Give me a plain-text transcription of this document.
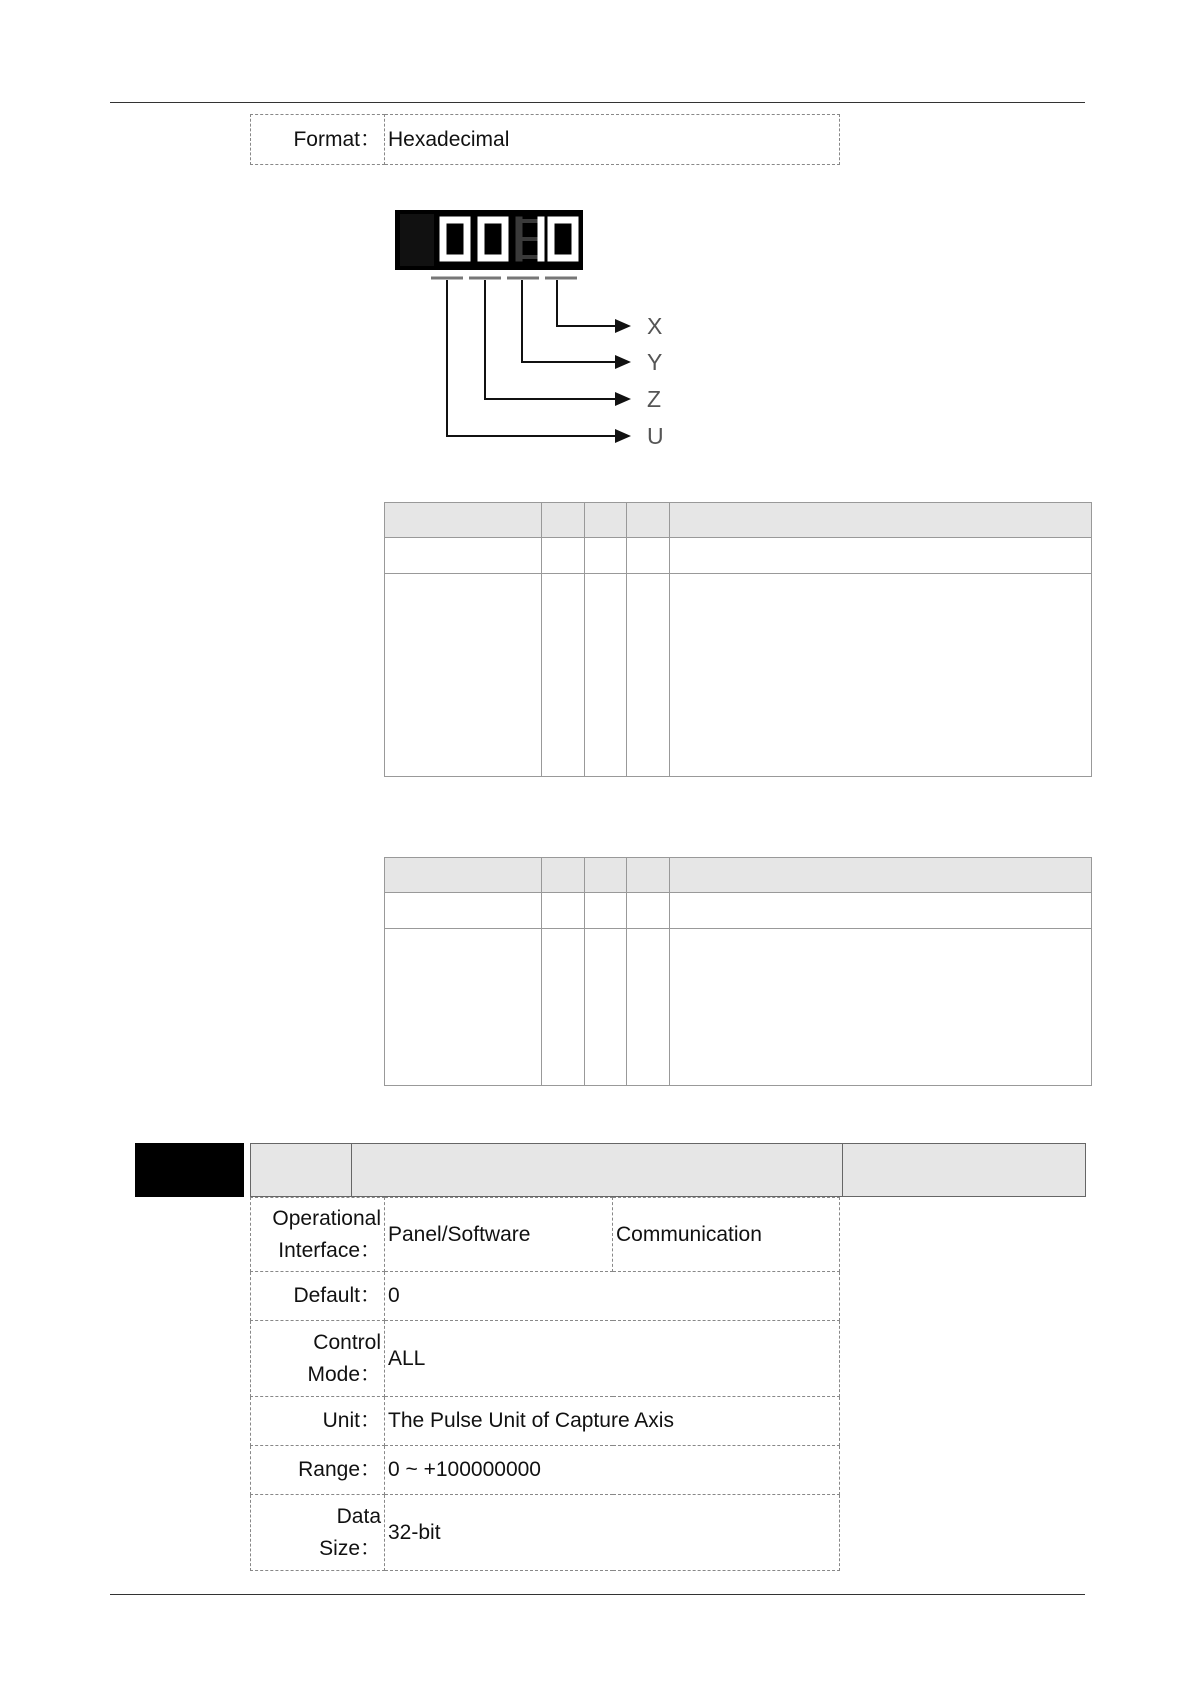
Format：	Hexadecimal
X
Y
Z
U

Operational
Interface：	Panel/Software	Communication
Default：	0	
Control
Mode：	ALL	
Unit：	The Pulse Unit of Capture Axis	
Range：	0 ~ +100000000	
Data
Size：	32-bit	
